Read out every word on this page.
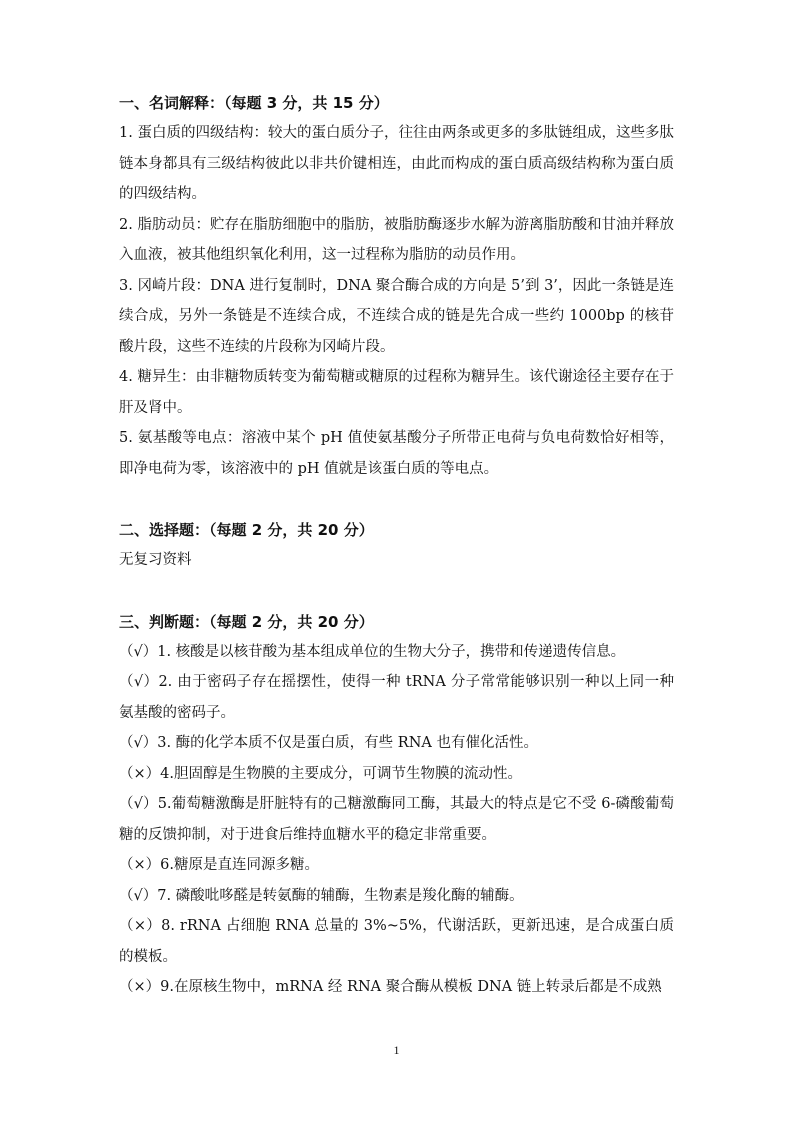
一、名词解释：（每题 3 分，共 15 分）
1. 蛋白质的四级结构：较大的蛋白质分子，往往由两条或更多的多肽链组成，这些多肽链本身都具有三级结构彼此以非共价键相连，由此而构成的蛋白质高级结构称为蛋白质的四级结构。
2. 脂肪动员：贮存在脂肪细胞中的脂肪，被脂肪酶逐步水解为游离脂肪酸和甘油并释放入血液，被其他组织氧化利用，这一过程称为脂肪的动员作用。
3. 冈崎片段：DNA 进行复制时，DNA 聚合酶合成的方向是 5’到 3’，因此一条链是连续合成，另外一条链是不连续合成，不连续合成的链是先合成一些约 1000bp 的核苷酸片段，这些不连续的片段称为冈崎片段。
4. 糖异生：由非糖物质转变为葡萄糖或糖原的过程称为糖异生。该代谢途径主要存在于肝及肾中。
5. 氨基酸等电点：溶液中某个 pH 值使氨基酸分子所带正电荷与负电荷数恰好相等，即净电荷为零，该溶液中的 pH 值就是该蛋白质的等电点。
二、选择题：（每题 2 分，共 20 分）
无复习资料
三、判断题：（每题 2 分，共 20 分）
（√）1. 核酸是以核苷酸为基本组成单位的生物大分子，携带和传递遗传信息。
（√）2. 由于密码子存在摇摆性，使得一种 tRNA 分子常常能够识别一种以上同一种氨基酸的密码子。
（√）3. 酶的化学本质不仅是蛋白质，有些 RNA 也有催化活性。
（×）4.胆固醇是生物膜的主要成分，可调节生物膜的流动性。
（√）5.葡萄糖激酶是肝脏特有的己糖激酶同工酶，其最大的特点是它不受 6-磷酸葡萄糖的反馈抑制，对于进食后维持血糖水平的稳定非常重要。
（×）6.糖原是直连同源多糖。
（√）7. 磷酸吡哆醛是转氨酶的辅酶，生物素是羧化酶的辅酶。
（×）8. rRNA 占细胞 RNA 总量的 3%~5%，代谢活跃，更新迅速，是合成蛋白质的模板。
（×）9.在原核生物中，mRNA 经 RNA 聚合酶从模板 DNA 链上转录后都是不成熟
1
